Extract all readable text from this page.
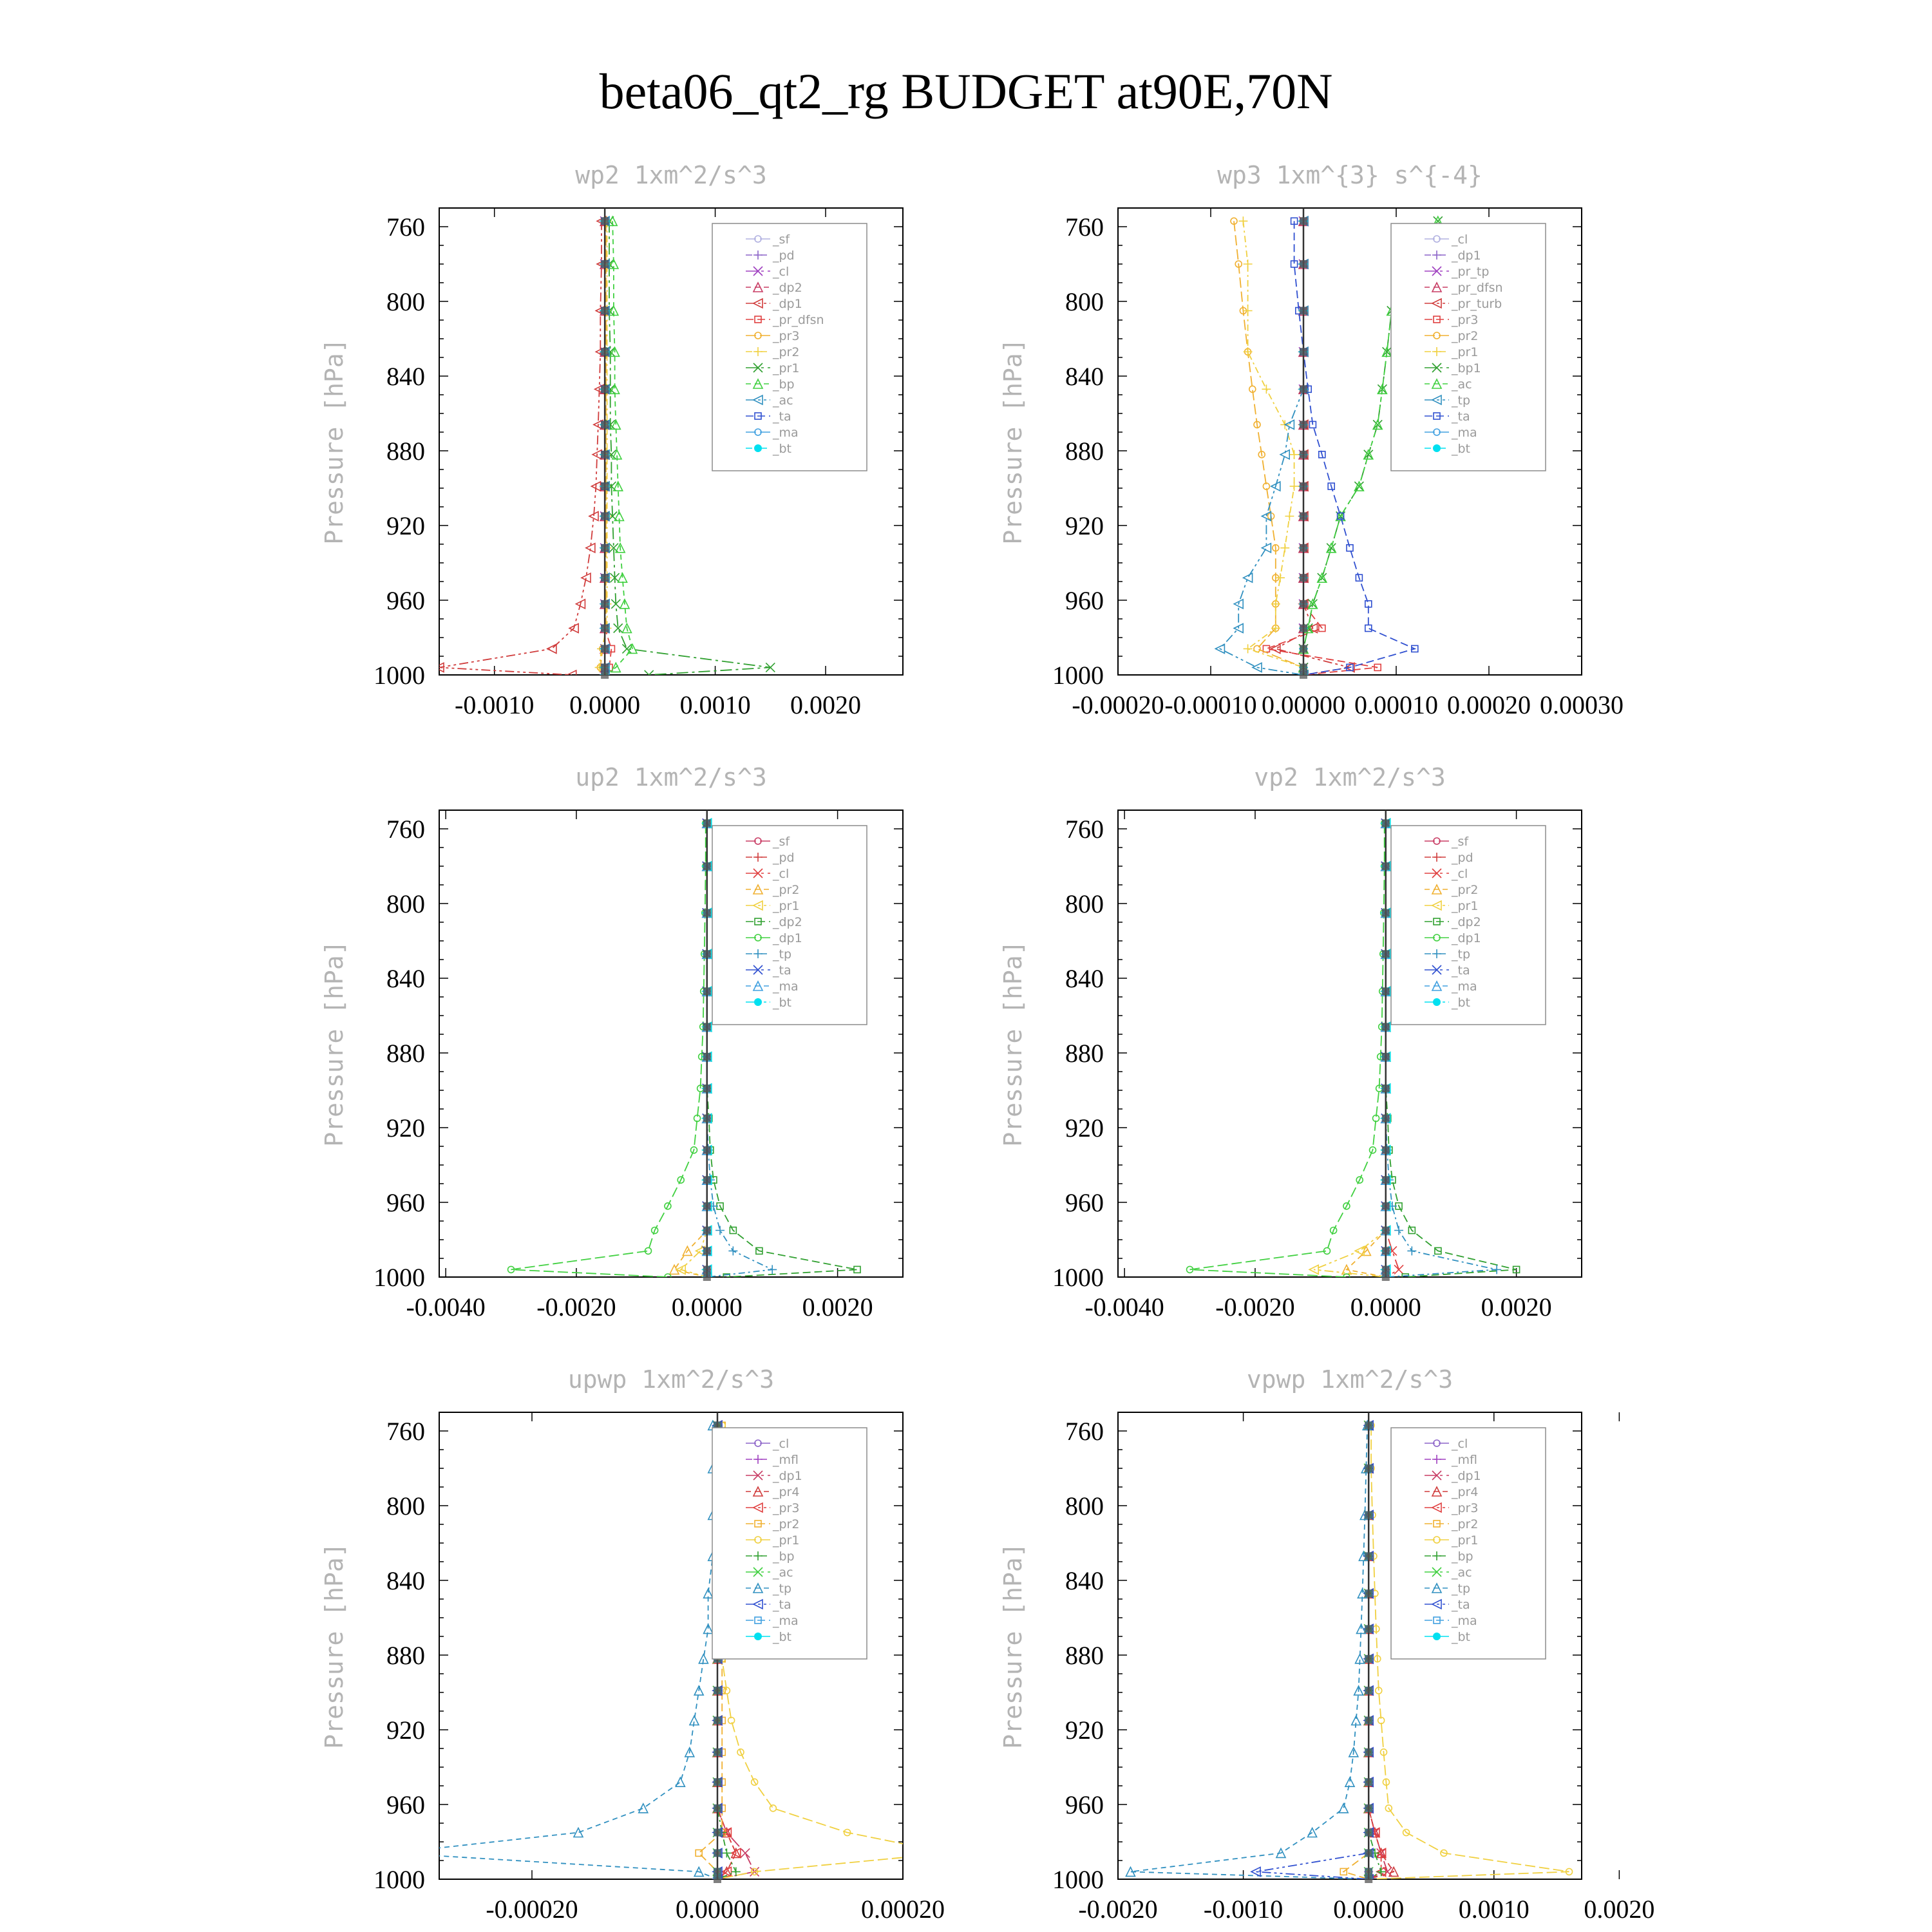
beta06_qt2_rg BUDGET at90E,70N
wp2 1xm^2/s^3
Pressure [hPa]
760
800
840
880
920
960
1000
-0.0010 0.0000 0.0010 0.0020
_sf
_pd
_cl
_dp2
_dp1
_pr_dfsn
_pr3
_pr2
_pr1
_bp
_ac
_ta
_ma
_bt
wp3 1xm^{3} s^{-4}
Pressure [hPa]
760
800
840
880
920
960
1000
-0.00020 -0.00010 0.00000 0.00010 0.00020 0.00030
_cl
_dp1
_pr_tp
_pr_dfsn
_pr_turb
_pr3
_pr2
_pr1
_bp1
_ac
_tp
_ta
_ma
_bt
up2 1xm^2/s^3
Pressure [hPa]
760
800
840
880
920
960
1000
-0.0040 -0.0020 0.0000 0.0020
_sf
_pd
_cl
_pr2
_pr1
_dp2
_dp1
_tp
_ta
_ma
_bt
vp2 1xm^2/s^3
Pressure [hPa]
760
800
840
880
920
960
1000
-0.0040 -0.0020 0.0000 0.0020
_sf
_pd
_cl
_pr2
_pr1
_dp2
_dp1
_tp
_ta
_ma
_bt
upwp 1xm^2/s^3
Pressure [hPa]
760
800
840
880
920
960
1000
-0.00020	0.00000	0.00020
_cl
_mfl
_dp1
_pr4
_pr3
_pr2
_pr1
_bp
_ac
_tp
_ta
_ma
_bt
vpwp 1xm^2/s^3
Pressure [hPa]
760
800
840
880
920
960
1000
-0.0020 -0.0010 0.0000 0.0010 0.0020
_cl
_mfl
_dp1
_pr4
_pr3
_pr2
_pr1
_bp
_ac
_tp
_ta
_ma
_bt
